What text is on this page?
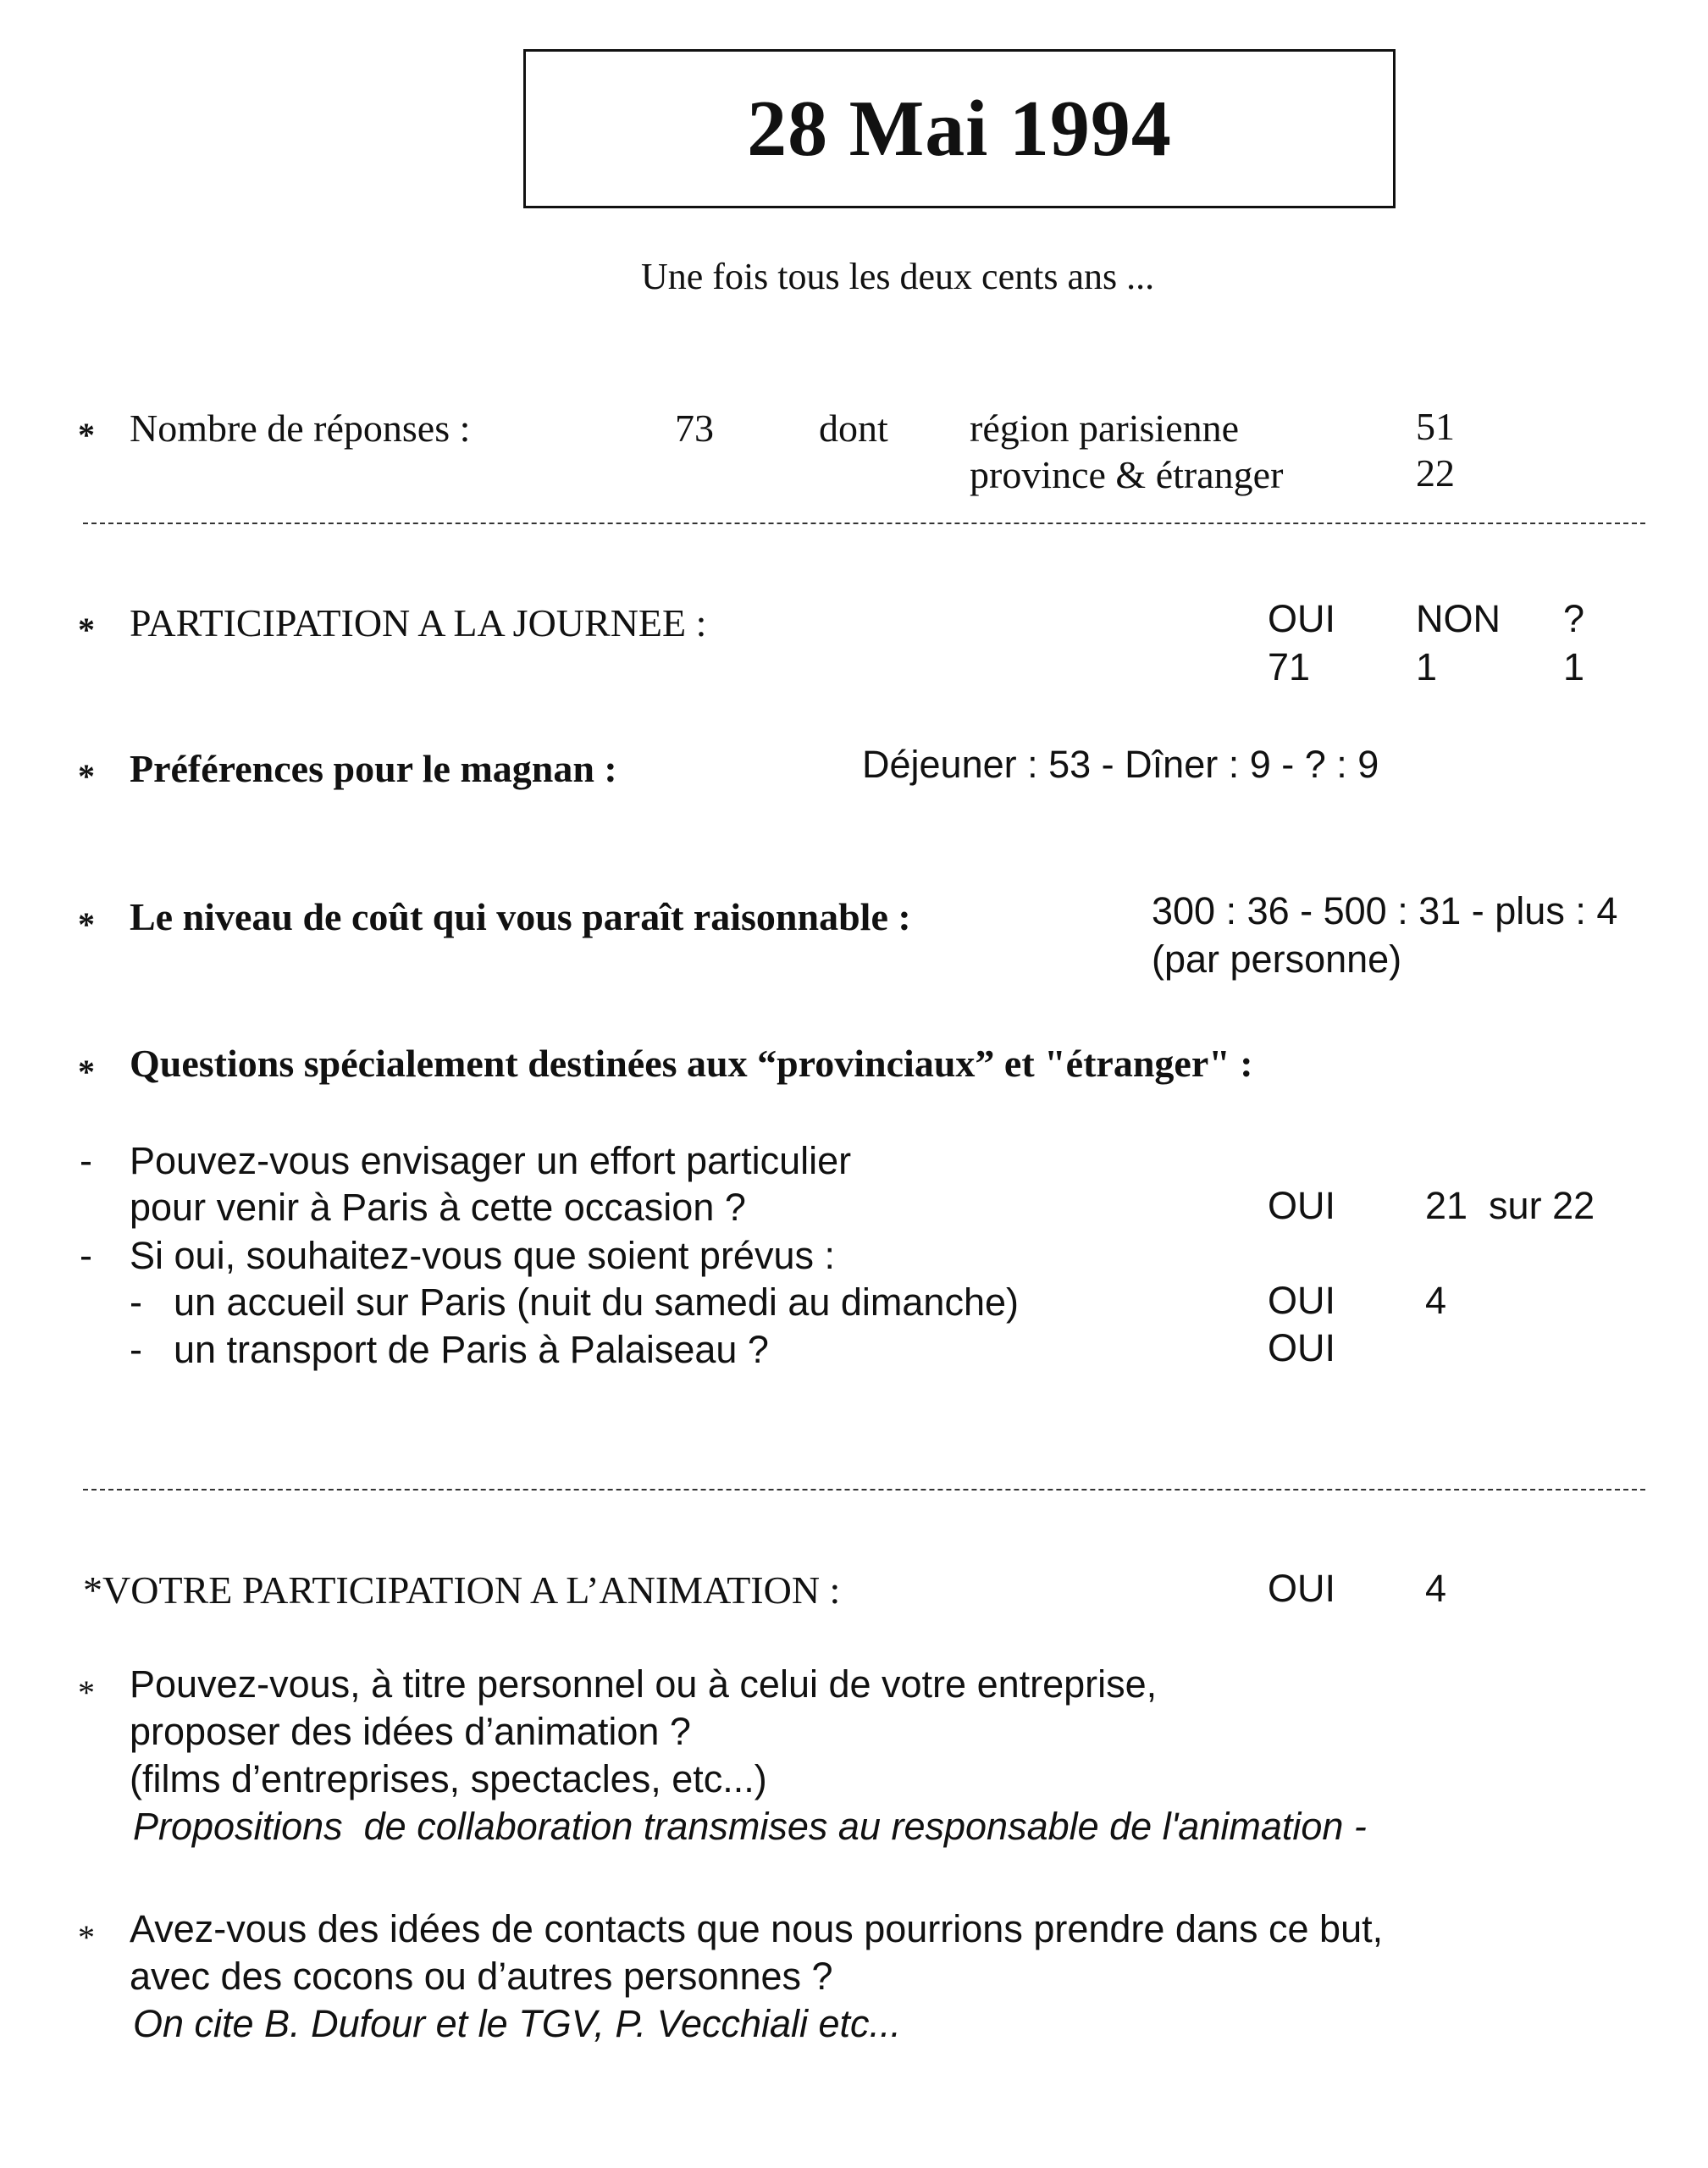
28 Mai 1994
Une fois tous les deux cents ans ...
* Nombre de réponses :	73	dont région parisienne	51
province & étranger	22
* PARTICIPATION A LA JOURNEE :	OUI NON ?
71	1	1
* Préférences pour le magnan :	Déjeuner : 53 - Dîner : 9 - ? : 9
* Le niveau de coût qui vous paraît raisonnable :	300 : 36 - 500 : 31 - plus : 4
(par personne)
* Questions spécialement destinées aux “provinciaux” et "étranger" :
- Pouvez-vous envisager un effort particulier
pour venir à Paris à cette occasion ?	OUI 21  sur 22
- Si oui, souhaitez-vous que soient prévus :
- un accueil sur Paris (nuit du samedi au dimanche)	OUI 4
- un transport de Paris à Palaiseau ?	OUI
*VOTRE PARTICIPATION A L’ANIMATION :	OUI 4
* Pouvez-vous, à titre personnel ou à celui de votre entreprise,
proposer des idées d’animation ?
(films d’entreprises, spectacles, etc...)
Propositions  de collaboration transmises au responsable de l'animation -
* Avez-vous des idées de contacts que nous pourrions prendre dans ce but,
avec des cocons ou d’autres personnes ?
On cite B. Dufour et le TGV, P. Vecchiali etc...
